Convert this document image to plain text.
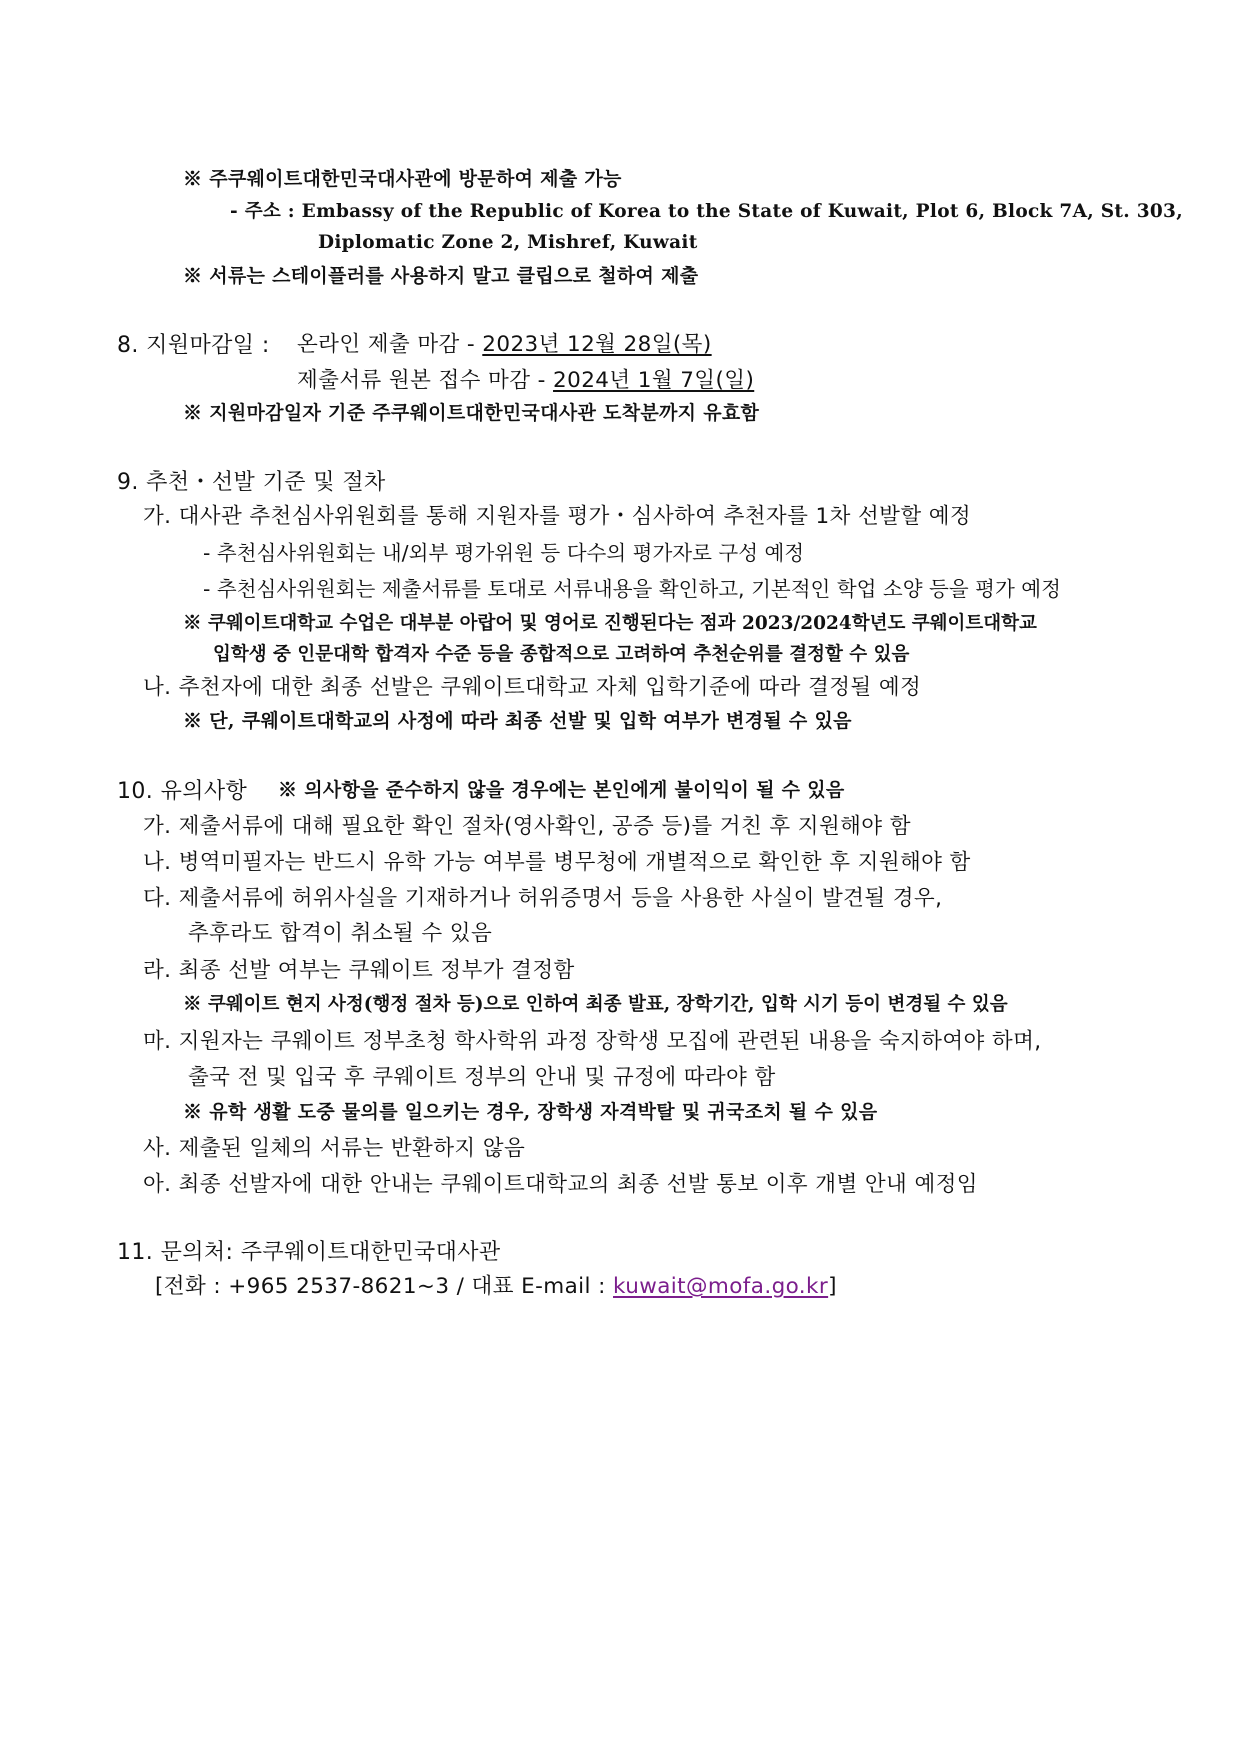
※ 주쿠웨이트대한민국대사관에 방문하여 제출 가능
- 주소 : Embassy of the Republic of Korea to the State of Kuwait, Plot 6, Block 7A, St. 303,
Diplomatic Zone 2, Mishref, Kuwait
※ 서류는 스테이플러를 사용하지 말고 클립으로 철하여 제출
8. 지원마감일 : 온라인 제출 마감 - 2023년 12월 28일(목)
제출서류 원본 접수 마감 - 2024년 1월 7일(일)
※ 지원마감일자 기준 주쿠웨이트대한민국대사관 도착분까지 유효함
9. 추천・선발 기준 및 절차
가. 대사관 추천심사위원회를 통해 지원자를 평가・심사하여 추천자를 1차 선발할 예정
- 추천심사위원회는 내/외부 평가위원 등 다수의 평가자로 구성 예정
- 추천심사위원회는 제출서류를 토대로 서류내용을 확인하고, 기본적인 학업 소양 등을 평가 예정
※ 쿠웨이트대학교 수업은 대부분 아랍어 및 영어로 진행된다는 점과 2023/2024학년도 쿠웨이트대학교
입학생 중 인문대학 합격자 수준 등을 종합적으로 고려하여 추천순위를 결정할 수 있음
나. 추천자에 대한 최종 선발은 쿠웨이트대학교 자체 입학기준에 따라 결정될 예정
※ 단, 쿠웨이트대학교의 사정에 따라 최종 선발 및 입학 여부가 변경될 수 있음
10. 유의사항 ※ 의사항을 준수하지 않을 경우에는 본인에게 불이익이 될 수 있음
가. 제출서류에 대해 필요한 확인 절차(영사확인, 공증 등)를 거친 후 지원해야 함
나. 병역미필자는 반드시 유학 가능 여부를 병무청에 개별적으로 확인한 후 지원해야 함
다. 제출서류에 허위사실을 기재하거나 허위증명서 등을 사용한 사실이 발견될 경우,
추후라도 합격이 취소될 수 있음
라. 최종 선발 여부는 쿠웨이트 정부가 결정함
※ 쿠웨이트 현지 사정(행정 절차 등)으로 인하여 최종 발표, 장학기간, 입학 시기 등이 변경될 수 있음
마. 지원자는 쿠웨이트 정부초청 학사학위 과정 장학생 모집에 관련된 내용을 숙지하여야 하며,
출국 전 및 입국 후 쿠웨이트 정부의 안내 및 규정에 따라야 함
※ 유학 생활 도중 물의를 일으키는 경우, 장학생 자격박탈 및 귀국조치 될 수 있음
사. 제출된 일체의 서류는 반환하지 않음
아. 최종 선발자에 대한 안내는 쿠웨이트대학교의 최종 선발 통보 이후 개별 안내 예정임
11. 문의처: 주쿠웨이트대한민국대사관
[전화 : +965 2537-8621~3 / 대표 E-mail : kuwait@mofa.go.kr]
